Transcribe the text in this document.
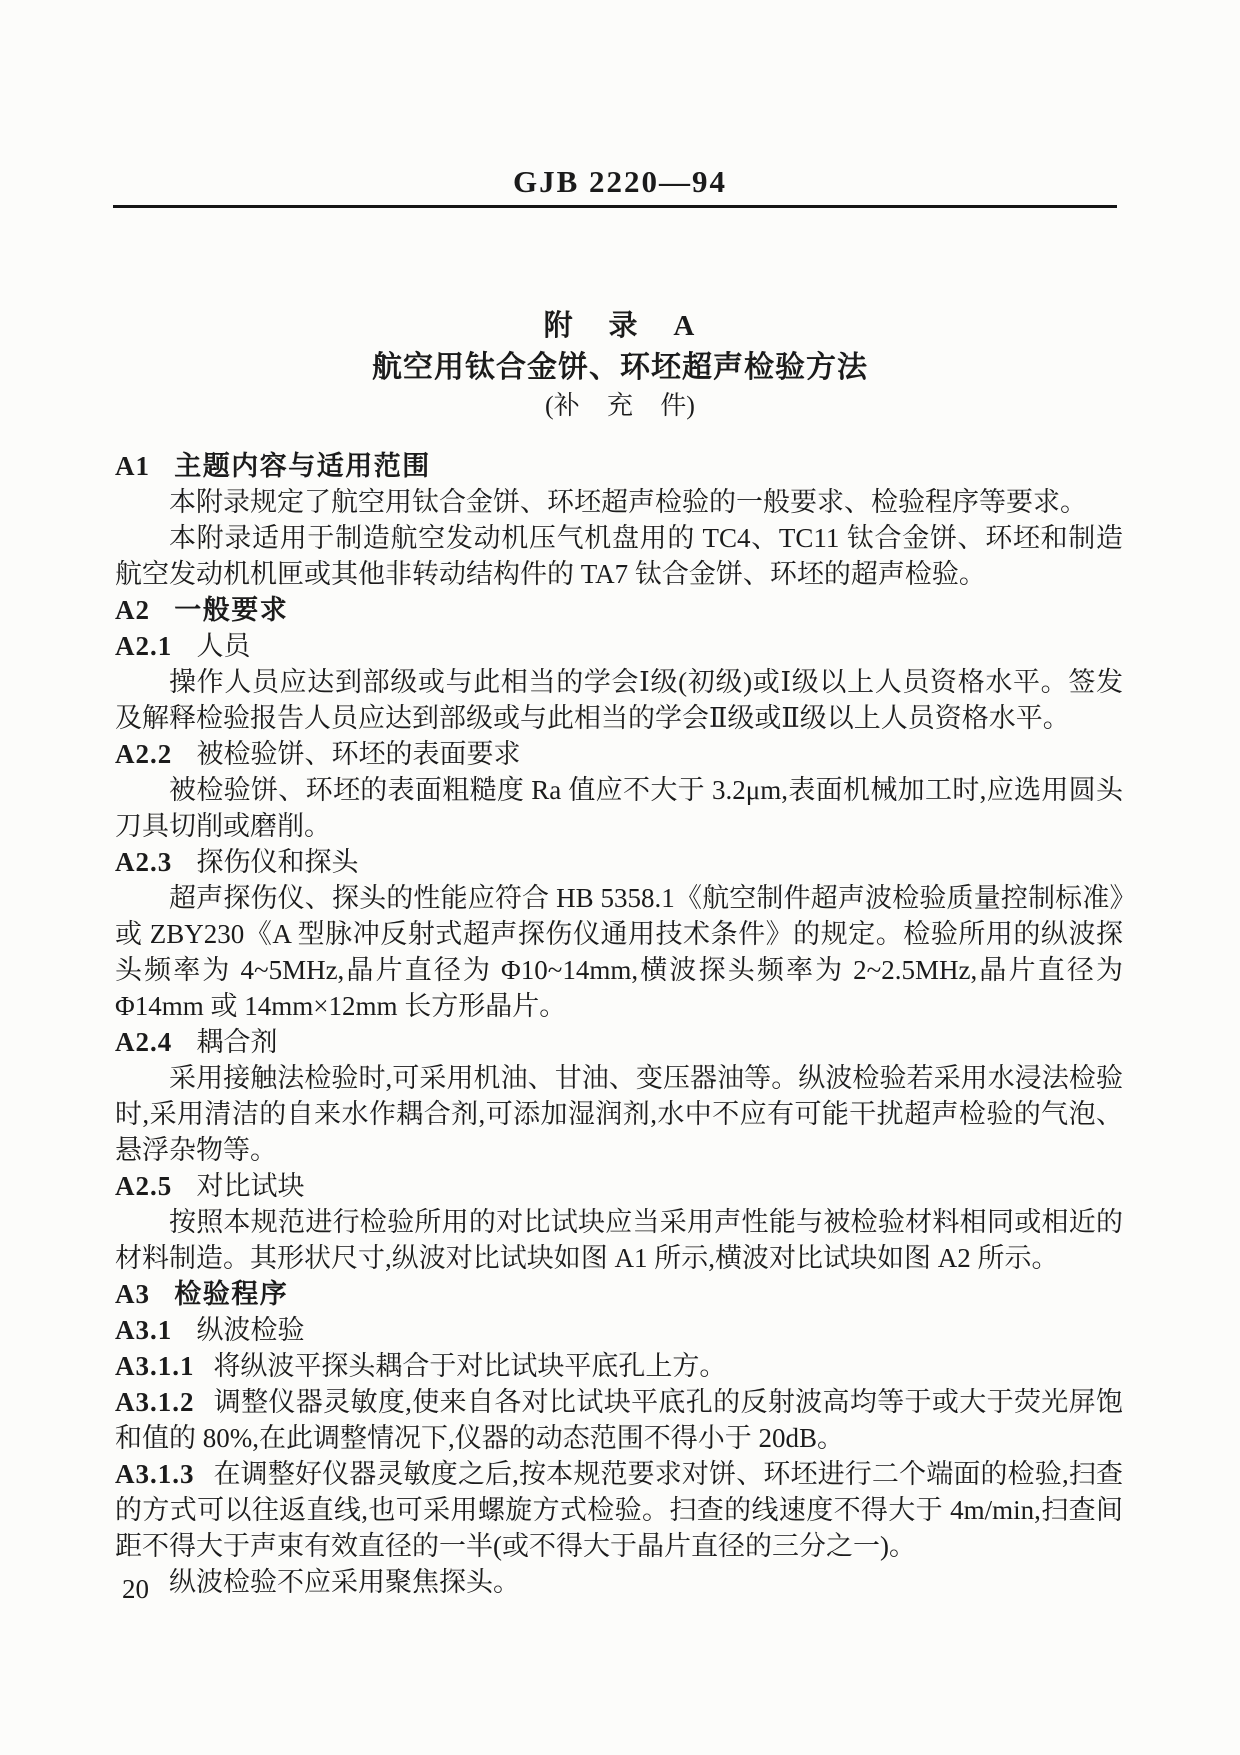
GJB 2220—94
附 录 A
航空用钛合金饼、环坯超声检验方法
(补 充 件)

A1 主题内容与适用范围

本附录规定了航空用钛合金饼、环坯超声检验的一般要求、检验程序等要求。

本附录适用于制造航空发动机压气机盘用的 TC4、TC11 钛合金饼、环坯和制造航空发动机机匣或其他非转动结构件的 TA7 钛合金饼、环坯的超声检验。

A2 一般要求

A2.1 人员

操作人员应达到部级或与此相当的学会Ⅰ级(初级)或Ⅰ级以上人员资格水平。签发及解释检验报告人员应达到部级或与此相当的学会Ⅱ级或Ⅱ级以上人员资格水平。

A2.2 被检验饼、环坯的表面要求

被检验饼、环坯的表面粗糙度 Ra 值应不大于 3.2μm,表面机械加工时,应选用圆头刀具切削或磨削。

A2.3 探伤仪和探头

超声探伤仪、探头的性能应符合 HB 5358.1《航空制件超声波检验质量控制标准》或 ZBY230《A 型脉冲反射式超声探伤仪通用技术条件》的规定。检验所用的纵波探头频率为 4~5MHz,晶片直径为 Φ10~14mm,横波探头频率为 2~2.5MHz,晶片直径为 Φ14mm 或 14mm×12mm 长方形晶片。

A2.4 耦合剂

采用接触法检验时,可采用机油、甘油、变压器油等。纵波检验若采用水浸法检验时,采用清洁的自来水作耦合剂,可添加湿润剂,水中不应有可能干扰超声检验的气泡、悬浮杂物等。

A2.5 对比试块

按照本规范进行检验所用的对比试块应当采用声性能与被检验材料相同或相近的材料制造。其形状尺寸,纵波对比试块如图 A1 所示,横波对比试块如图 A2 所示。

A3 检验程序

A3.1 纵波检验

A3.1.1 将纵波平探头耦合于对比试块平底孔上方。

A3.1.2 调整仪器灵敏度,使来自各对比试块平底孔的反射波高均等于或大于荧光屏饱和值的 80%,在此调整情况下,仪器的动态范围不得小于 20dB。

A3.1.3 在调整好仪器灵敏度之后,按本规范要求对饼、环坯进行二个端面的检验,扫查的方式可以往返直线,也可采用螺旋方式检验。扫查的线速度不得大于 4m/min,扫查间距不得大于声束有效直径的一半(或不得大于晶片直径的三分之一)。

纵波检验不应采用聚焦探头。

20
